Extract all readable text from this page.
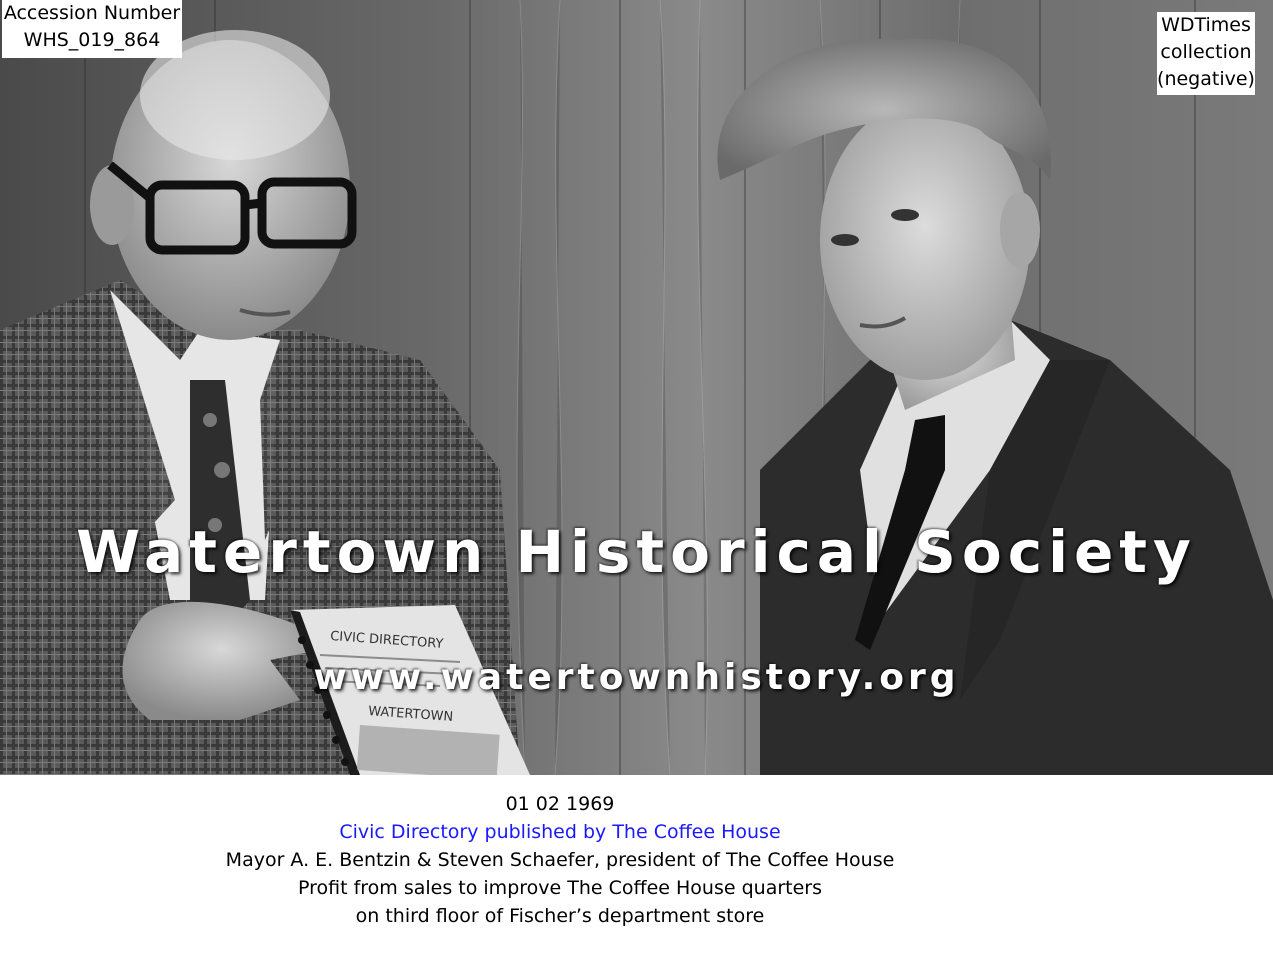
CIVIC DIRECTORY
WATERTOWN
Accession Number
WHS_019_864
WDTimes
collection
(negative)
Watertown Historical Society
www.watertownhistory.org
01 02 1969
Civic Directory published by The Coffee House
Mayor A. E. Bentzin & Steven Schaefer, president of The Coffee House
Profit from sales to improve The Coffee House quarters
on third floor of Fischer’s department store
